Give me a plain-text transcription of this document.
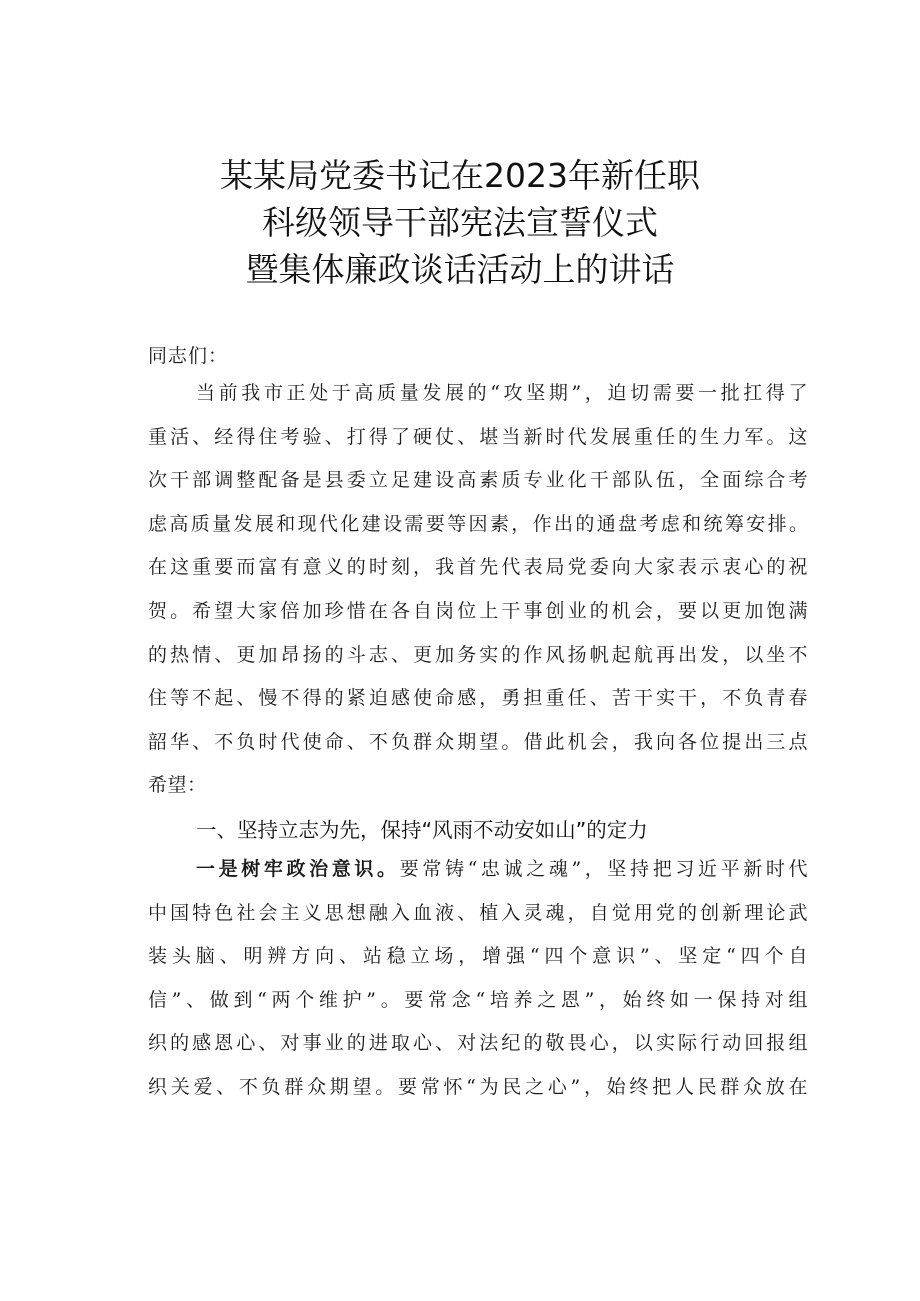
某某局党委书记在2023年新任职
科级领导干部宪法宣誓仪式
暨集体廉政谈话活动上的讲话
同志们：
当前我市正处于高质量发展的“攻坚期”，迫切需要一批扛得了
重活、经得住考验、打得了硬仗、堪当新时代发展重任的生力军。这
次干部调整配备是县委立足建设高素质专业化干部队伍，全面综合考
虑高质量发展和现代化建设需要等因素，作出的通盘考虑和统筹安排。
在这重要而富有意义的时刻，我首先代表局党委向大家表示衷心的祝
贺。希望大家倍加珍惜在各自岗位上干事创业的机会，要以更加饱满
的热情、更加昂扬的斗志、更加务实的作风扬帆起航再出发，以坐不
住等不起、慢不得的紧迫感使命感，勇担重任、苦干实干，不负青春
韶华、不负时代使命、不负群众期望。借此机会，我向各位提出三点
希望：
一、坚持立志为先，保持“风雨不动安如山”的定力
一是树牢政治意识。要常铸“忠诚之魂”，坚持把习近平新时代
中国特色社会主义思想融入血液、植入灵魂，自觉用党的创新理论武
装头脑、明辨方向、站稳立场，增强“四个意识”、坚定“四个自
信”、做到“两个维护”。要常念“培养之恩”，始终如一保持对组
织的感恩心、对事业的进取心、对法纪的敬畏心，以实际行动回报组
织关爱、不负群众期望。要常怀“为民之心”，始终把人民群众放在
